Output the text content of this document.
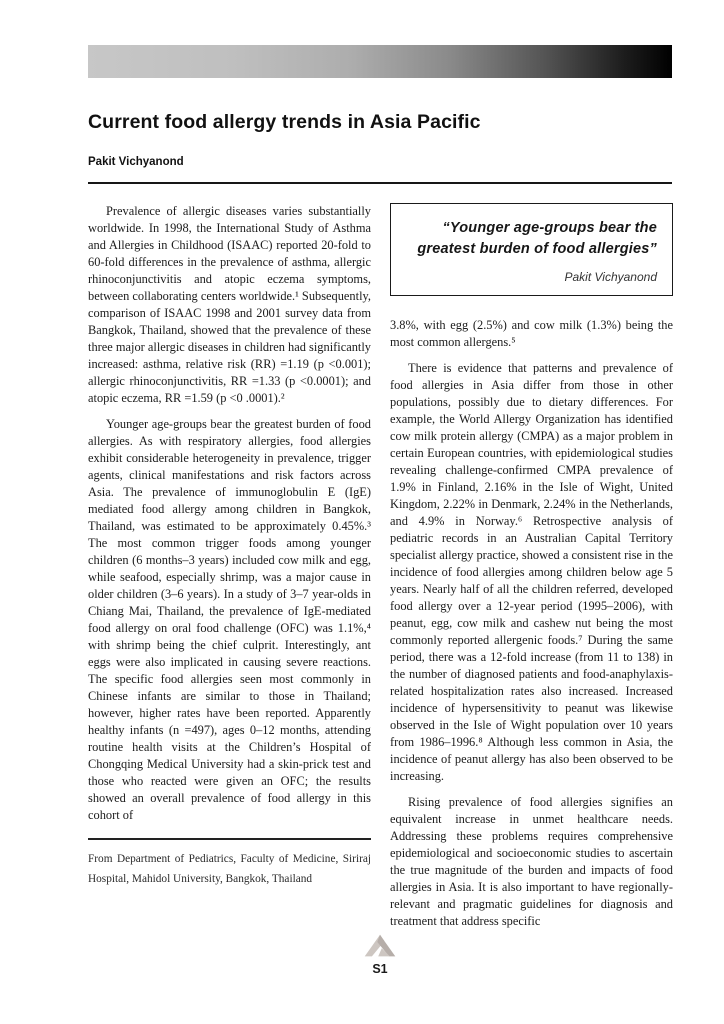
Current food allergy trends in Asia Pacific
Pakit Vichyanond

Prevalence of allergic diseases varies substantially worldwide. In 1998, the International Study of Asthma and Allergies in Childhood (ISAAC) reported 20-fold to 60-fold differences in the prevalence of asthma, allergic rhinoconjunctivitis and atopic eczema symptoms, between collaborating centers worldwide.¹ Subsequently, comparison of ISAAC 1998 and 2001 survey data from Bangkok, Thailand, showed that the prevalence of these three major allergic diseases in children had significantly increased: asthma, relative risk (RR) =1.19 (p <0.001); allergic rhinoconjunctivitis, RR =1.33 (p <0.0001); and atopic eczema, RR =1.59 (p <0 .0001).²

Younger age-groups bear the greatest burden of food allergies. As with respiratory allergies, food allergies exhibit considerable heterogeneity in prevalence, trigger agents, clinical manifestations and risk factors across Asia. The prevalence of immunoglobulin E (IgE) mediated food allergy among children in Bangkok, Thailand, was estimated to be approximately 0.45%.³ The most common trigger foods among younger children (6 months–3 years) included cow milk and egg, while seafood, especially shrimp, was a major cause in older children (3–6 years). In a study of 3–7 year-olds in Chiang Mai, Thailand, the prevalence of IgE-mediated food allergy on oral food challenge (OFC) was 1.1%,⁴ with shrimp being the chief culprit. Interestingly, ant eggs were also implicated in causing severe reactions. The specific food allergies seen most commonly in Chinese infants are similar to those in Thailand; however, higher rates have been reported. Apparently healthy infants (n =497), ages 0–12 months, attending routine health visits at the Children’s Hospital of Chongqing Medical University had a skin-prick test and those who reacted were given an OFC; the results showed an overall prevalence of food allergy in this cohort of

From Department of Pediatrics, Faculty of Medicine, Siriraj Hospital, Mahidol University, Bangkok, Thailand
“Younger age-groups bear the greatest burden of food allergies”
Pakit Vichyanond

3.8%, with egg (2.5%) and cow milk (1.3%) being the most common allergens.⁵

There is evidence that patterns and prevalence of food allergies in Asia differ from those in other populations, possibly due to dietary differences. For example, the World Allergy Organization has identified cow milk protein allergy (CMPA) as a major problem in certain European countries, with epidemiological studies revealing challenge-confirmed CMPA prevalence of 1.9% in Finland, 2.16% in the Isle of Wight, United Kingdom, 2.22% in Denmark, 2.24% in the Netherlands, and 4.9% in Norway.⁶ Retrospective analysis of pediatric records in an Australian Capital Territory specialist allergy practice, showed a consistent rise in the incidence of food allergies among children below age 5 years. Nearly half of all the children referred, developed food allergy over a 12-year period (1995–2006), with peanut, egg, cow milk and cashew nut being the most commonly reported allergenic foods.⁷ During the same period, there was a 12-fold increase (from 11 to 138) in the number of diagnosed patients and food-anaphylaxis-related hospitalization rates also increased. Increased incidence of hypersensitivity to peanut was likewise observed in the Isle of Wight population over 10 years from 1986–1996.⁸ Although less common in Asia, the incidence of peanut allergy has also been observed to be increasing.

Rising prevalence of food allergies signifies an equivalent increase in unmet healthcare needs. Addressing these problems requires comprehensive epidemiological and socioeconomic studies to ascertain the true magnitude of the burden and impacts of food allergies in Asia. It is also important to have regionally-relevant and pragmatic guidelines for diagnosis and treatment that address specific

S1
